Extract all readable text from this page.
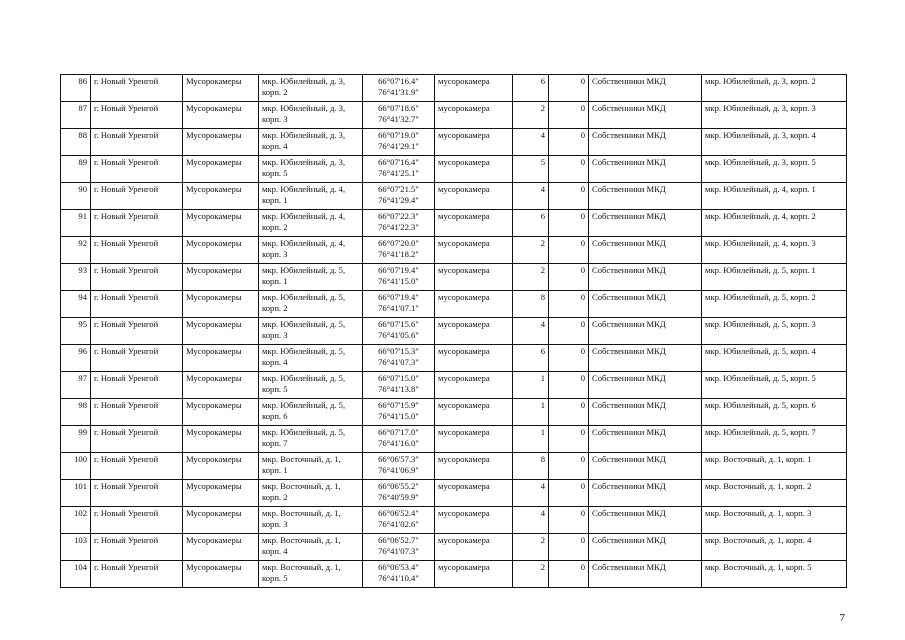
86	г. Новый Уренгой	Мусорокамеры	мкр. Юбилейный, д. 3, корп. 2	66°07'16.4"
76°41'31.9"	мусорокамера	6	0	Собственники МКД	мкр. Юбилейный, д. 3, корп. 2
87	г. Новый Уренгой	Мусорокамеры	мкр. Юбилейный, д. 3, корп. 3	66°07'18.6"
76°41'32.7"	мусорокамера	2	0	Собственники МКД	мкр. Юбилейный, д. 3, корп. 3
88	г. Новый Уренгой	Мусорокамеры	мкр. Юбилейный, д. 3, корп. 4	66°07'19.0"
76°41'29.1"	мусорокамера	4	0	Собственники МКД	мкр. Юбилейный, д. 3, корп. 4
89	г. Новый Уренгой	Мусорокамеры	мкр. Юбилейный, д. 3, корп. 5	66°07'16.4"
76°41'25.1"	мусорокамера	5	0	Собственники МКД	мкр. Юбилейный, д. 3, корп. 5
90	г. Новый Уренгой	Мусорокамеры	мкр. Юбилейный, д. 4, корп. 1	66°07'21.5"
76°41'29.4"	мусорокамера	4	0	Собственники МКД	мкр. Юбилейный, д. 4, корп. 1
91	г. Новый Уренгой	Мусорокамеры	мкр. Юбилейный, д. 4, корп. 2	66°07'22.3"
76°41'22.3"	мусорокамера	6	0	Собственники МКД	мкр. Юбилейный, д. 4, корп. 2
92	г. Новый Уренгой	Мусорокамеры	мкр. Юбилейный, д. 4, корп. 3	66°07'20.0"
76°41'18.2"	мусорокамера	2	0	Собственники МКД	мкр. Юбилейный, д. 4, корп. 3
93	г. Новый Уренгой	Мусорокамеры	мкр. Юбилейный, д. 5, корп. 1	66°07'19.4"
76°41'15.0"	мусорокамера	2	0	Собственники МКД	мкр. Юбилейный, д. 5, корп. 1
94	г. Новый Уренгой	Мусорокамеры	мкр. Юбилейный, д. 5, корп. 2	66°07'19.4"
76°41'07.1"	мусорокамера	8	0	Собственники МКД	мкр. Юбилейный, д. 5, корп. 2
95	г. Новый Уренгой	Мусорокамеры	мкр. Юбилейный, д. 5, корп. 3	66°07'15.6"
76°41'05.6"	мусорокамера	4	0	Собственники МКД	мкр. Юбилейный, д. 5, корп. 3
96	г. Новый Уренгой	Мусорокамеры	мкр. Юбилейный, д. 5, корп. 4	66°07'15.3"
76°41'07.3"	мусорокамера	6	0	Собственники МКД	мкр. Юбилейный, д. 5, корп. 4
97	г. Новый Уренгой	Мусорокамеры	мкр. Юбилейный, д. 5, корп. 5	66°07'15.0"
76°41'13.8"	мусорокамера	1	0	Собственники МКД	мкр. Юбилейный, д. 5, корп. 5
98	г. Новый Уренгой	Мусорокамеры	мкр. Юбилейный, д. 5, корп. 6	66°07'15.9"
76°41'15.0"	мусорокамера	1	0	Собственники МКД	мкр. Юбилейный, д. 5, корп. 6
99	г. Новый Уренгой	Мусорокамеры	мкр. Юбилейный, д. 5, корп. 7	66°07'17.0"
76°41'16.0"	мусорокамера	1	0	Собственники МКД	мкр. Юбилейный, д. 5, корп. 7
100	г. Новый Уренгой	Мусорокамеры	мкр. Восточный, д. 1, корп. 1	66°06'57.3"
76°41'06.9"	мусорокамера	8	0	Собственники МКД	мкр. Восточный, д. 1, корп. 1
101	г. Новый Уренгой	Мусорокамеры	мкр. Восточный, д. 1, корп. 2	66°06'55.2"
76°40'59.9"	мусорокамера	4	0	Собственники МКД	мкр. Восточный, д. 1, корп. 2
102	г. Новый Уренгой	Мусорокамеры	мкр. Восточный, д. 1, корп. 3	66°06'52.4"
76°41'02.6"	мусорокамера	4	0	Собственники МКД	мкр. Восточный, д. 1, корп. 3
103	г. Новый Уренгой	Мусорокамеры	мкр. Восточный, д. 1, корп. 4	66°06'52.7"
76°41'07.3"	мусорокамера	2	0	Собственники МКД	мкр. Восточный, д. 1, корп. 4
104	г. Новый Уренгой	Мусорокамеры	мкр. Восточный, д. 1, корп. 5	66°06'53.4"
76°41'10.4"	мусорокамера	2	0	Собственники МКД	мкр. Восточный, д. 1, корп. 5
7
